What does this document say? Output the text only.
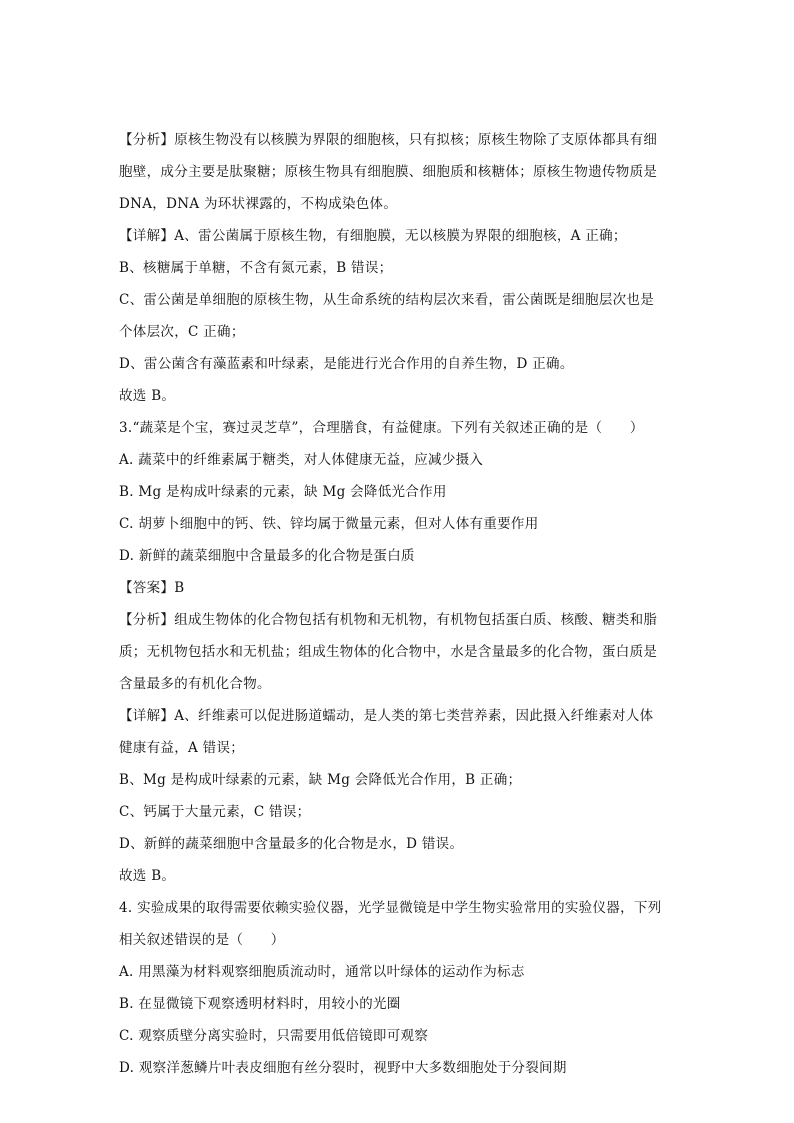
【分析】原核生物没有以核膜为界限的细胞核，只有拟核；原核生物除了支原体都具有细
胞壁，成分主要是肽聚糖；原核生物具有细胞膜、细胞质和核糖体；原核生物遗传物质是
DNA，DNA 为环状裸露的，不构成染色体。
【详解】A、雷公菌属于原核生物，有细胞膜，无以核膜为界限的细胞核，A 正确；
B、核糖属于单糖，不含有氮元素，B 错误；
C、雷公菌是单细胞的原核生物，从生命系统的结构层次来看，雷公菌既是细胞层次也是
个体层次，C 正确；
D、雷公菌含有藻蓝素和叶绿素，是能进行光合作用的自养生物，D 正确。
故选 B。
3.“蔬菜是个宝，赛过灵芝草”，合理膳食，有益健康。下列有关叙述正确的是（　　）
A. 蔬菜中的纤维素属于糖类，对人体健康无益，应减少摄入
B. Mg 是构成叶绿素的元素，缺 Mg 会降低光合作用
C. 胡萝卜细胞中的钙、铁、锌均属于微量元素，但对人体有重要作用
D. 新鲜的蔬菜细胞中含量最多的化合物是蛋白质
【答案】B
【分析】组成生物体的化合物包括有机物和无机物，有机物包括蛋白质、核酸、糖类和脂
质；无机物包括水和无机盐；组成生物体的化合物中，水是含量最多的化合物，蛋白质是
含量最多的有机化合物。
【详解】A、纤维素可以促进肠道蠕动，是人类的第七类营养素，因此摄入纤维素对人体
健康有益，A 错误；
B、Mg 是构成叶绿素的元素，缺 Mg 会降低光合作用，B 正确；
C、钙属于大量元素，C 错误；
D、新鲜的蔬菜细胞中含量最多的化合物是水，D 错误。
故选 B。
4. 实验成果的取得需要依赖实验仪器，光学显微镜是中学生物实验常用的实验仪器，下列
相关叙述错误的是（　　）
A. 用黑藻为材料观察细胞质流动时，通常以叶绿体的运动作为标志
B. 在显微镜下观察透明材料时，用较小的光圈
C. 观察质壁分离实验时，只需要用低倍镜即可观察
D. 观察洋葱鳞片叶表皮细胞有丝分裂时，视野中大多数细胞处于分裂间期
